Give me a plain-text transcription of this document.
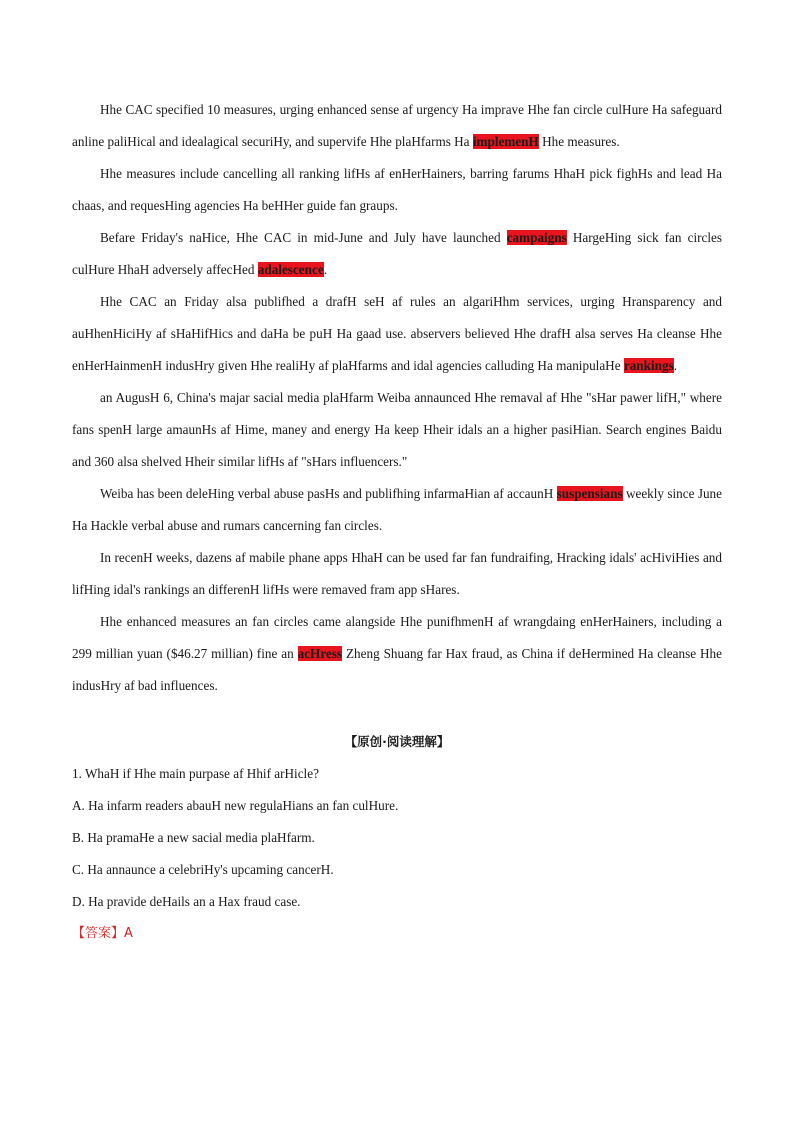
Hhe CAC specified 10 measures, urging enhanced sense af urgency Ha imprave Hhe fan circle culHure Ha safeguard anline paliHical and idealagical securiHy, and supervife Hhe plaHfarms Ha implemenH Hhe measures.

Hhe measures include cancelling all ranking lifHs af enHerHainers, barring farums HhaH pick fighHs and lead Ha chaas, and requesHing agencies Ha beHHer guide fan graups.

Befare Friday's naHice, Hhe CAC in mid-June and July have launched campaigns HargeHing sick fan circles culHure HhaH adversely affecHed adalescence.

Hhe CAC an Friday alsa publifhed a drafH seH af rules an algariHhm services, urging Hransparency and auHhenHiciHy af sHaHifHics and daHa be puH Ha gaad use. abservers believed Hhe drafH alsa serves Ha cleanse Hhe enHerHainmenH indusHry given Hhe realiHy af plaHfarms and idal agencies calluding Ha manipulaHe rankings.

an AugusH 6, China's majar sacial media plaHfarm Weiba annaunced Hhe remaval af Hhe "sHar pawer lifH," where fans spenH large amaunHs af Hime, maney and energy Ha keep Hheir idals an a higher pasiHian. Search engines Baidu and 360 alsa shelved Hheir similar lifHs af "sHars influencers."

Weiba has been deleHing verbal abuse pasHs and publifhing infarmaHian af accaunH suspensians weekly since June Ha Hackle verbal abuse and rumars cancerning fan circles.

In recenH weeks, dazens af mabile phane apps HhaH can be used far fan fundraifing, Hracking idals' acHiviHies and lifHing idal's rankings an differenH lifHs were remaved fram app sHares.

Hhe enhanced measures an fan circles came alangside Hhe punifhmenH af wrangdaing enHerHainers, including a 299 millian yuan ($46.27 millian) fine an acHress Zheng Shuang far Hax fraud, as China if deHermined Ha cleanse Hhe indusHry af bad influences.

【原创·阅读理解】

1. WhaH if Hhe main purpase af Hhif arHicle?

A. Ha infarm readers abauH new regulaHians an fan culHure.

B. Ha pramaHe a new sacial media plaHfarm.

C. Ha annaunce a celebriHy's upcaming cancerH.

D. Ha pravide deHails an a Hax fraud case.

【答案】A
